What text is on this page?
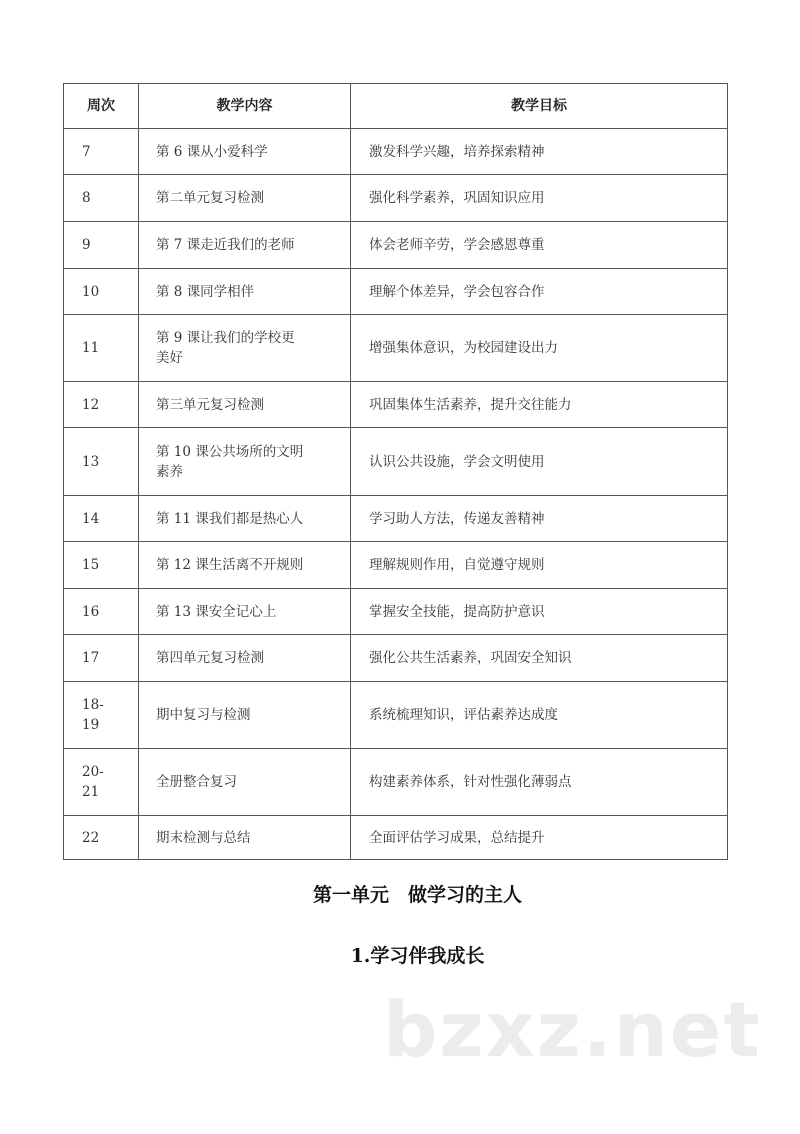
周次	教学内容	教学目标
7	第 6 课从小爱科学	激发科学兴趣，培养探索精神
8	第二单元复习检测	强化科学素养，巩固知识应用
9	第 7 课走近我们的老师	体会老师辛劳，学会感恩尊重
10	第 8 课同学相伴	理解个体差异，学会包容合作
11	第 9 课让我们的学校更美好	增强集体意识，为校园建设出力
12	第三单元复习检测	巩固集体生活素养，提升交往能力
13	第 10 课公共场所的文明素养	认识公共设施，学会文明使用
14	第 11 课我们都是热心人	学习助人方法，传递友善精神
15	第 12 课生活离不开规则	理解规则作用，自觉遵守规则
16	第 13 课安全记心上	掌握安全技能，提高防护意识
17	第四单元复习检测	强化公共生活素养，巩固安全知识
18-19	期中复习与检测	系统梳理知识，评估素养达成度
20-21	全册整合复习	构建素养体系，针对性强化薄弱点
22	期末检测与总结	全面评估学习成果，总结提升
第一单元　做学习的主人
1.学习伴我成长
bzxz.net
